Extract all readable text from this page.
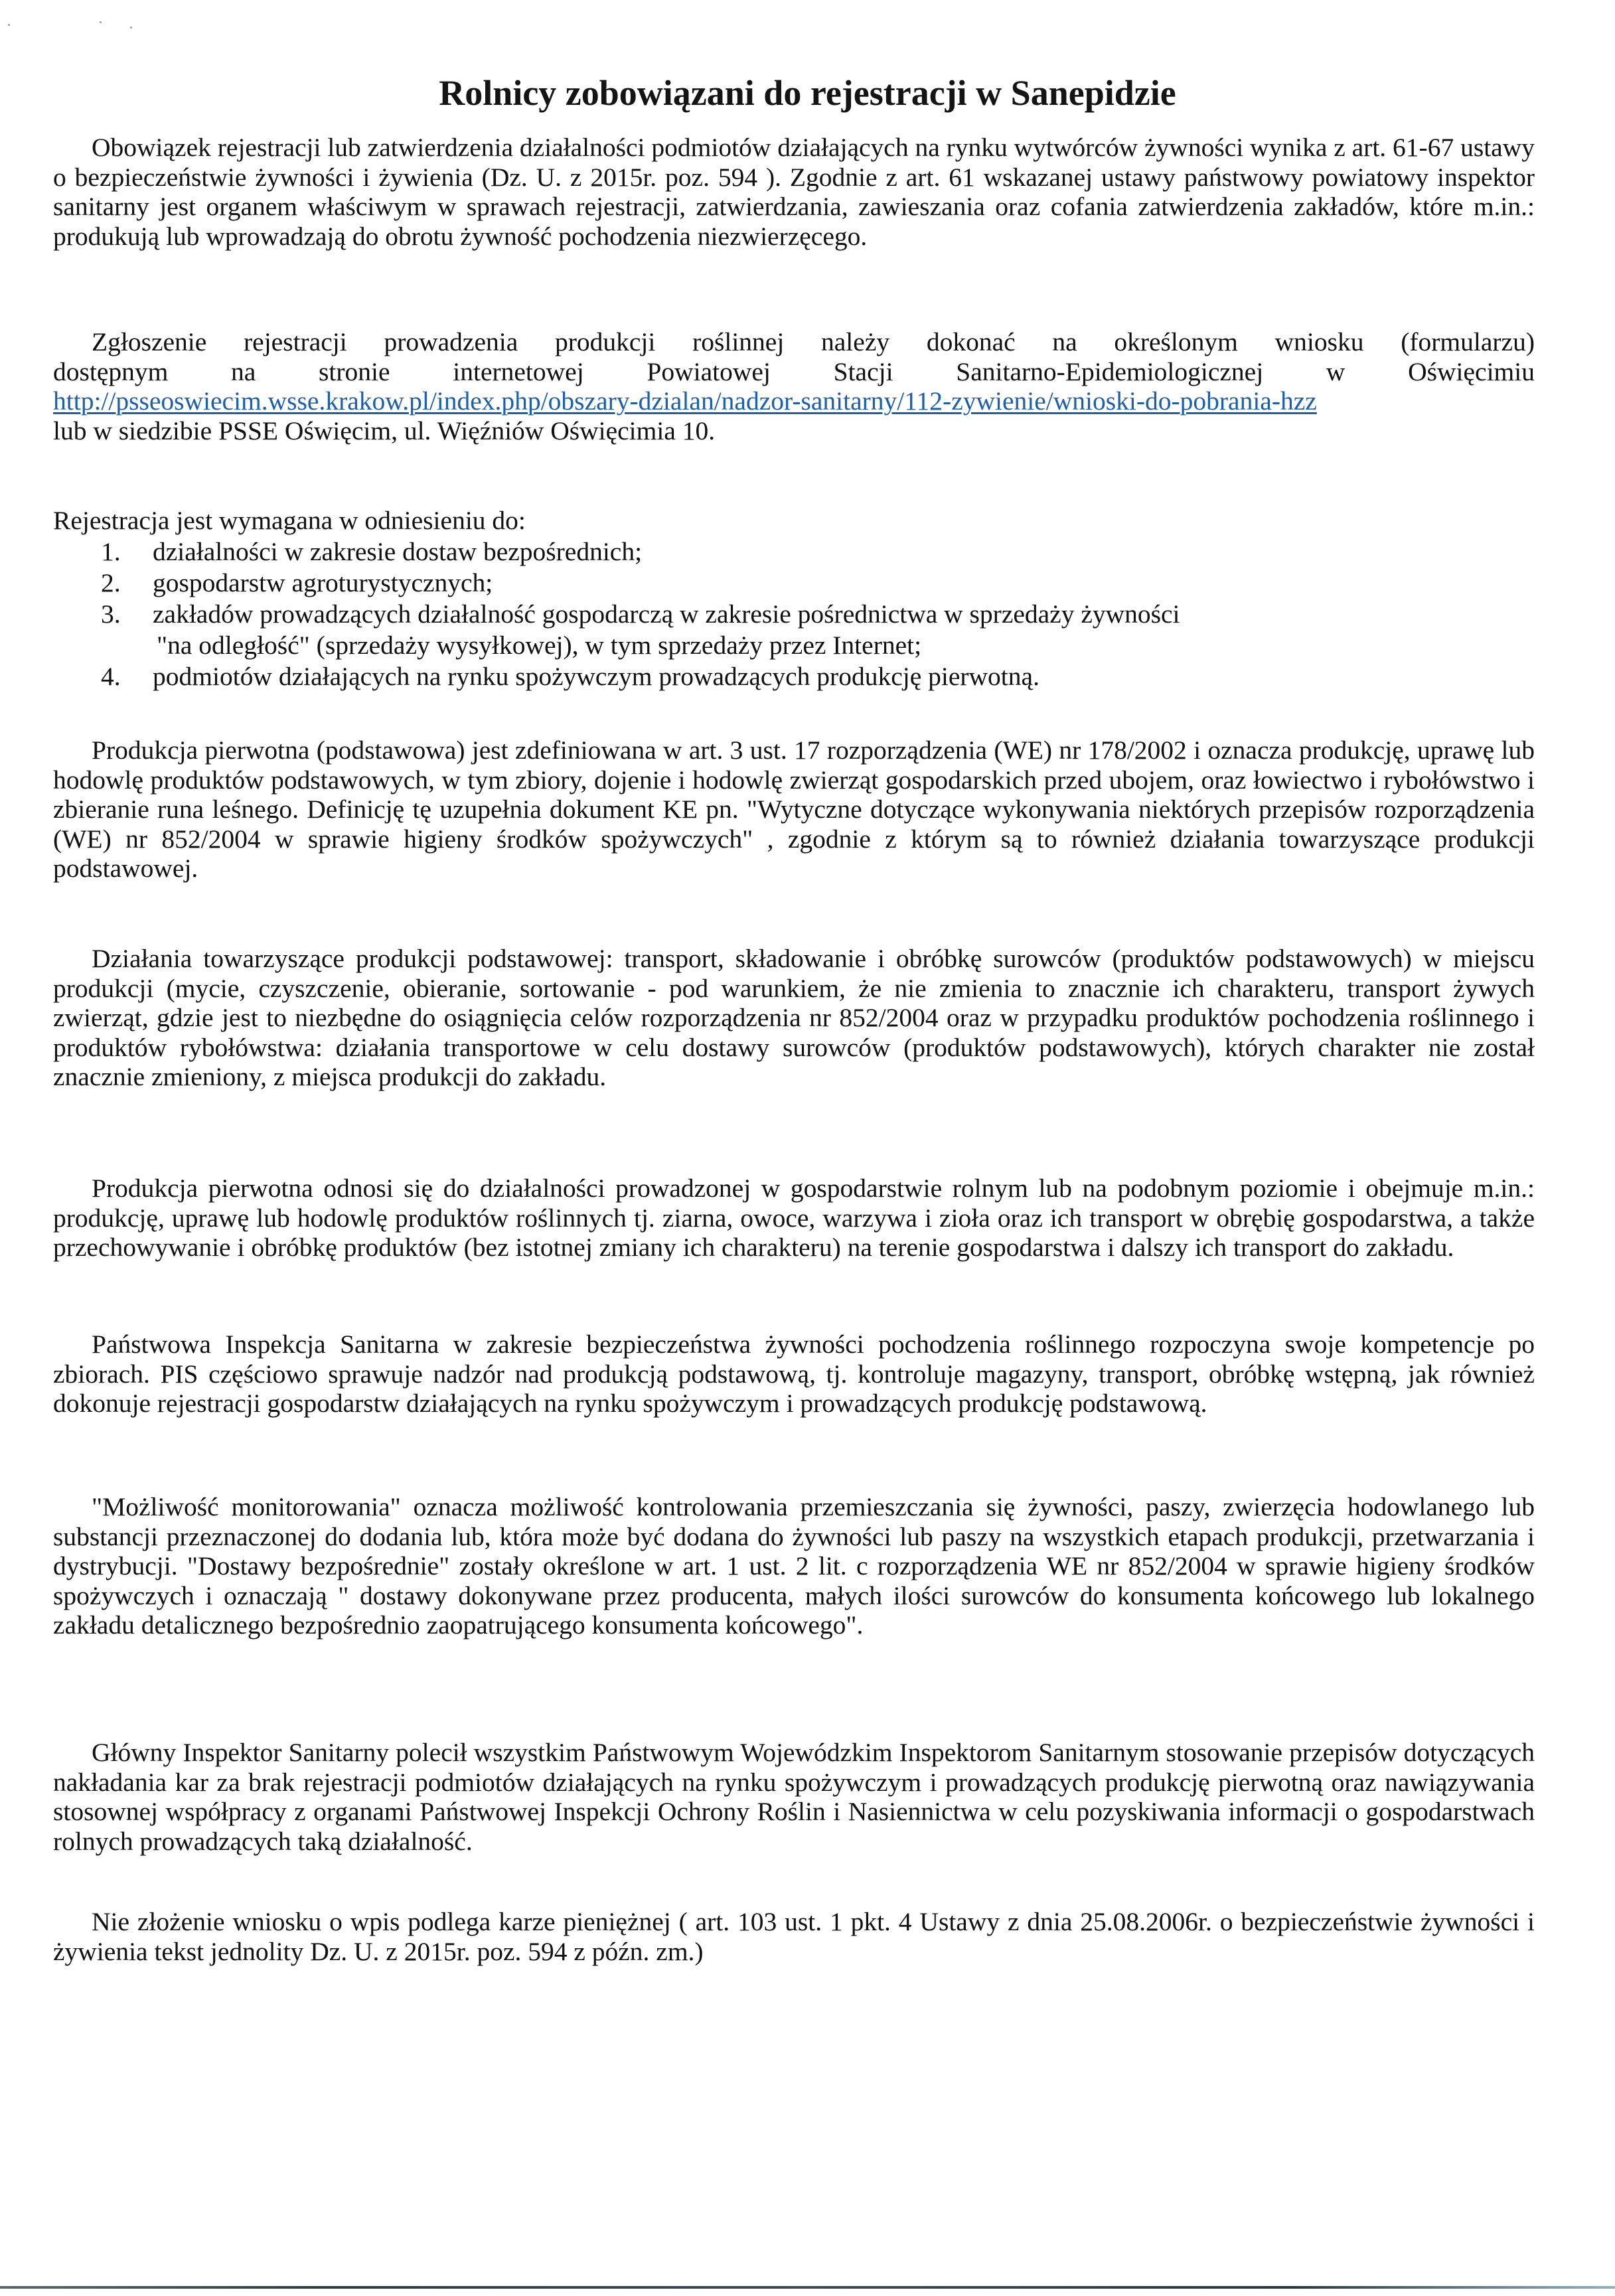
Rolnicy zobowiązani do rejestracji w Sanepidzie

Obowiązek rejestracji lub zatwierdzenia działalności podmiotów działających na rynku wytwórców żywności wynika z art. 61-67 ustawy o bezpieczeństwie żywności i żywienia (Dz. U. z 2015r. poz. 594 ). Zgodnie z art. 61 wskazanej ustawy państwowy powiatowy inspektor sanitarny jest organem właściwym w sprawach rejestracji, zatwierdzania, zawieszania oraz cofania zatwierdzenia zakładów, które m.in.: produkują lub wprowadzają do obrotu żywność pochodzenia niezwierzęcego.

Zgłoszenie rejestracji prowadzenia produkcji roślinnej należy dokonać na określonym wniosku (formularzu)
dostępnym na stronie internetowej Powiatowej Stacji Sanitarno-Epidemiologicznej w Oświęcimiu
http://psseoswiecim.wsse.krakow.pl/index.php/obszary-dzialan/nadzor-sanitarny/112-zywienie/wnioski-do-pobrania-hzz
lub w siedzibie PSSE Oświęcim, ul. Więźniów Oświęcimia 10.

Rejestracja jest wymagana w odniesieniu do:

1. działalności w zakresie dostaw bezpośrednich;
2. gospodarstw agroturystycznych;
3. zakładów prowadzących działalność gospodarczą w zakresie pośrednictwa w sprzedaży żywności
"na odległość" (sprzedaży wysyłkowej), w tym sprzedaży przez Internet;
4. podmiotów działających na rynku spożywczym prowadzących produkcję pierwotną.

Produkcja pierwotna (podstawowa) jest zdefiniowana w art. 3 ust. 17 rozporządzenia (WE) nr 178/2002 i oznacza produkcję, uprawę lub hodowlę produktów podstawowych, w tym zbiory, dojenie i hodowlę zwierząt gospodarskich przed ubojem, oraz łowiectwo i rybołówstwo i zbieranie runa leśnego. Definicję tę uzupełnia dokument KE pn. "Wytyczne dotyczące wykonywania niektórych przepisów rozporządzenia (WE) nr 852/2004 w sprawie higieny środków spożywczych" , zgodnie z którym są to również działania towarzyszące produkcji podstawowej.

Działania towarzyszące produkcji podstawowej: transport, składowanie i obróbkę surowców (produktów podstawowych) w miejscu produkcji (mycie, czyszczenie, obieranie, sortowanie - pod warunkiem, że nie zmienia to znacznie ich charakteru, transport żywych zwierząt, gdzie jest to niezbędne do osiągnięcia celów rozporządzenia nr 852/2004 oraz w przypadku produktów pochodzenia roślinnego i produktów rybołówstwa: działania transportowe w celu dostawy surowców (produktów podstawowych), których charakter nie został znacznie zmieniony, z miejsca produkcji do zakładu.

Produkcja pierwotna odnosi się do działalności prowadzonej w gospodarstwie rolnym lub na podobnym poziomie i obejmuje m.in.: produkcję, uprawę lub hodowlę produktów roślinnych tj. ziarna, owoce, warzywa i zioła oraz ich transport w obrębię gospodarstwa, a także przechowywanie i obróbkę produktów (bez istotnej zmiany ich charakteru) na terenie gospodarstwa i dalszy ich transport do zakładu.

Państwowa Inspekcja Sanitarna w zakresie bezpieczeństwa żywności pochodzenia roślinnego rozpoczyna swoje kompetencje po zbiorach. PIS częściowo sprawuje nadzór nad produkcją podstawową, tj. kontroluje magazyny, transport, obróbkę wstępną, jak również dokonuje rejestracji gospodarstw działających na rynku spożywczym i prowadzących produkcję podstawową.

"Możliwość monitorowania" oznacza możliwość kontrolowania przemieszczania się żywności, paszy, zwierzęcia hodowlanego lub substancji przeznaczonej do dodania lub, która może być dodana do żywności lub paszy na wszystkich etapach produkcji, przetwarzania i dystrybucji. "Dostawy bezpośrednie" zostały określone w art. 1 ust. 2 lit. c rozporządzenia WE nr 852/2004 w sprawie higieny środków spożywczych i oznaczają " dostawy dokonywane przez producenta, małych ilości surowców do konsumenta końcowego lub lokalnego zakładu detalicznego bezpośrednio zaopatrującego konsumenta końcowego".

Główny Inspektor Sanitarny polecił wszystkim Państwowym Wojewódzkim Inspektorom Sanitarnym stosowanie przepisów dotyczących nakładania kar za brak rejestracji podmiotów działających na rynku spożywczym i prowadzących produkcję pierwotną oraz nawiązywania stosownej współpracy z organami Państwowej Inspekcji Ochrony Roślin i Nasiennictwa w celu pozyskiwania informacji o gospodarstwach rolnych prowadzących taką działalność.

Nie złożenie wniosku o wpis podlega karze pieniężnej ( art. 103 ust. 1 pkt. 4 Ustawy z dnia 25.08.2006r. o bezpieczeństwie żywności i żywienia tekst jednolity Dz. U. z 2015r. poz. 594 z późn. zm.)
